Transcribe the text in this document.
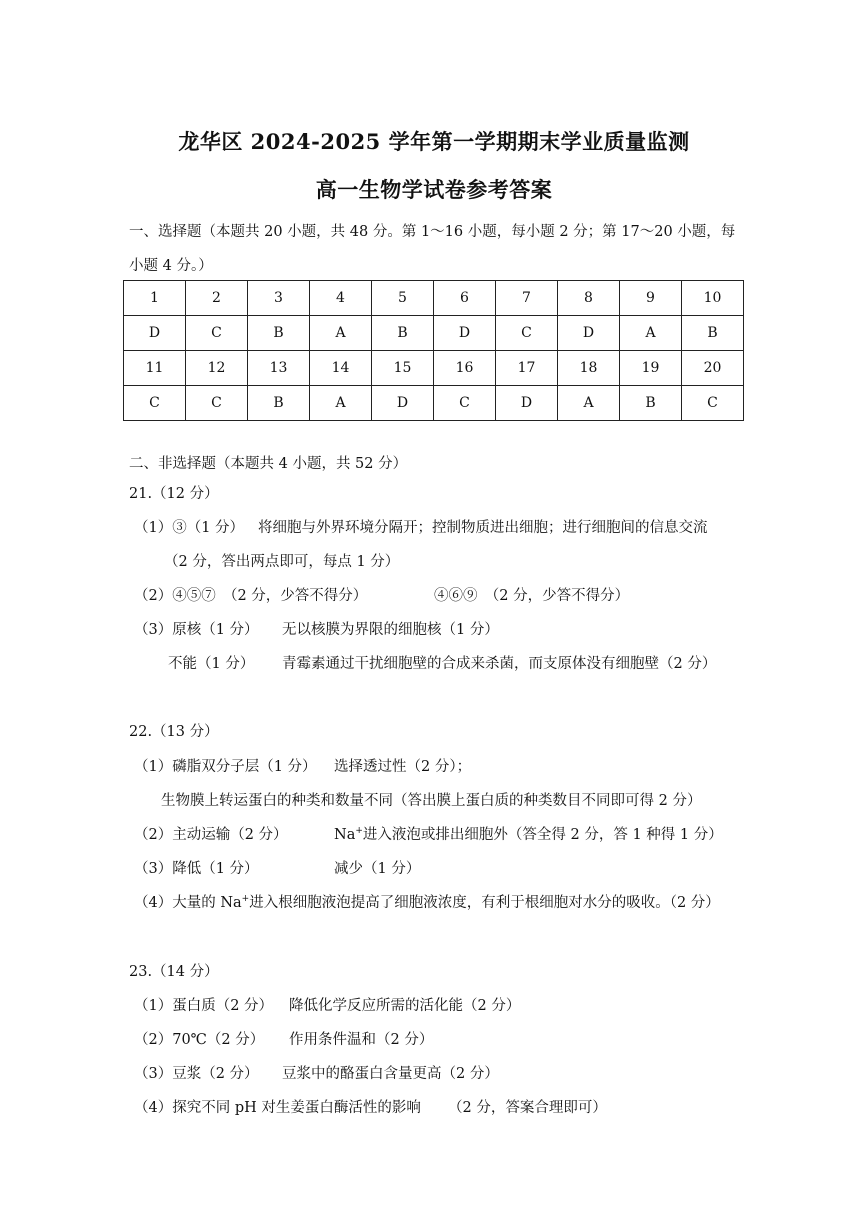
龙华区 2024-2025 学年第一学期期末学业质量监测
高一生物学试卷参考答案
一、选择题（本题共 20 小题，共 48 分。第 1～16 小题，每小题 2 分；第 17～20 小题，每
小题 4 分。）
1	2	3	4	5	6	7	8	9	10
D	C	B	A	B	D	C	D	A	B
11	12	13	14	15	16	17	18	19	20
C	C	B	A	D	C	D	A	B	C
二、非选择题（本题共 4 小题，共 52 分）
21.（12 分）
（1）③（1 分） 将细胞与外界环境分隔开；控制物质进出细胞；进行细胞间的信息交流
（2 分，答出两点即可，每点 1 分）
（2）④⑤⑦　（2 分，少答不得分）	④⑥⑨　（2 分，少答不得分）
（3）原核（1 分） 无以核膜为界限的细胞核（1 分）
不能（1 分） 青霉素通过干扰细胞壁的合成来杀菌，而支原体没有细胞壁（2 分）
22.（13 分）
（1）磷脂双分子层（1 分） 选择透过性（2 分）；
生物膜上转运蛋白的种类和数量不同（答出膜上蛋白质的种类数目不同即可得 2 分）
（2）主动运输（2 分）	Na+进入液泡或排出细胞外（答全得 2 分，答 1 种得 1 分）
（3）降低（1 分）	减少（1 分）
（4）大量的 Na+进入根细胞液泡提高了细胞液浓度，有利于根细胞对水分的吸收。（2 分）
23.（14 分）
（1）蛋白质（2 分） 降低化学反应所需的活化能（2 分）
（2）70℃（2 分） 作用条件温和（2 分）
（3）豆浆（2 分） 豆浆中的酪蛋白含量更高（2 分）
（4）探究不同 pH 对生姜蛋白酶活性的影响 （2 分，答案合理即可）
